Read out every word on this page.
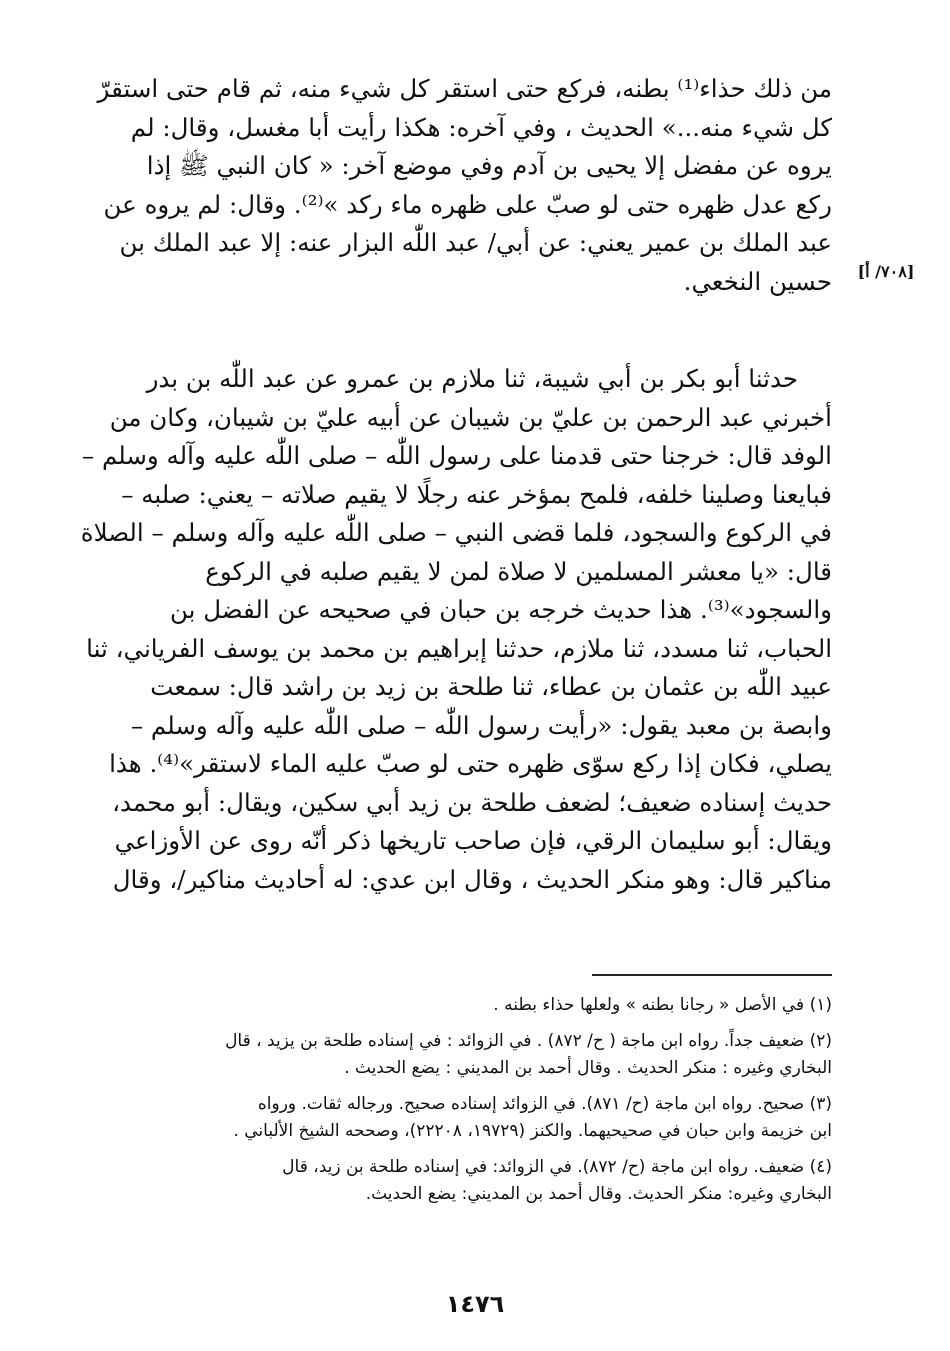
[٧٠٨/ أ]
من ذلك حذاء⁽¹⁾ بطنه، فركع حتى استقر كل شيء منه، ثم قام حتى استقرّ
كل شيء منه...» الحديث ، وفي آخره: هكذا رأيت أبا مغسل، وقال: لم
يروه عن مفضل إلا يحيى بن آدم وفي موضع آخر: « كان النبي ﷺ إذا
ركع عدل ظهره حتى لو صبّ على ظهره ماء ركد »⁽²⁾. وقال: لم يروه عن
عبد الملك بن عمير يعني: عن أبي/ عبد اللّٰه البزار عنه: إلا عبد الملك بن
حسين النخعي.
حدثنا أبو بكر بن أبي شيبة، ثنا ملازم بن عمرو عن عبد اللّٰه بن بدر
أخبرني عبد الرحمن بن عليّ بن شيبان عن أبيه عليّ بن شيبان، وكان من
الوفد قال: خرجنا حتى قدمنا على رسول اللّٰه – صلى اللّٰه عليه وآله وسلم –
فبايعنا وصلينا خلفه، فلمح بمؤخر عنه رجلًا لا يقيم صلاته – يعني: صلبه –
في الركوع والسجود، فلما قضى النبي – صلى اللّٰه عليه وآله وسلم – الصلاة
قال: «يا معشر المسلمين لا صلاة لمن لا يقيم صلبه في الركوع
والسجود»⁽³⁾. هذا حديث خرجه بن حبان في صحيحه عن الفضل بن
الحباب، ثنا مسدد، ثنا ملازم، حدثنا إبراهيم بن محمد بن يوسف الفرياني، ثنا
عبيد اللّٰه بن عثمان بن عطاء، ثنا طلحة بن زيد بن راشد قال: سمعت
وابصة بن معبد يقول: «رأيت رسول اللّٰه – صلى اللّٰه عليه وآله وسلم –
يصلي، فكان إذا ركع سوّى ظهره حتى لو صبّ عليه الماء لاستقر»⁽⁴⁾. هذا
حديث إسناده ضعيف؛ لضعف طلحة بن زيد أبي سكين، ويقال: أبو محمد،
ويقال: أبو سليمان الرقي، فإن صاحب تاريخها ذكر أنّه روى عن الأوزاعي
مناكير قال: وهو منكر الحديث ، وقال ابن عدي: له أحاديث مناكير/، وقال
(١) في الأصل « رجانا بطنه » ولعلها حذاء بطنه .
(٢) ضعيف جداً. رواه ابن ماجة ( ح/ ٨٧٢) . في الزوائد : في إسناده طلحة بن يزيد ، قال
البخاري وغيره : منكر الحديث . وقال أحمد بن المديني : يضع الحديث .
(٣) صحيح. رواه ابن ماجة (ح/ ٨٧١). في الزوائد إسناده صحيح. ورجاله ثقات. ورواه
ابن خزيمة وابن حبان في صحيحيهما. والكنز (١٩٧٢٩، ٢٢٢٠٨)، وصححه الشيخ الألباني .
(٤) ضعيف. رواه ابن ماجة (ح/ ٨٧٢). في الزوائد: في إسناده طلحة بن زيد، قال
البخاري وغيره: منكر الحديث. وقال أحمد بن المديني: يضع الحديث.
١٤٧٦
